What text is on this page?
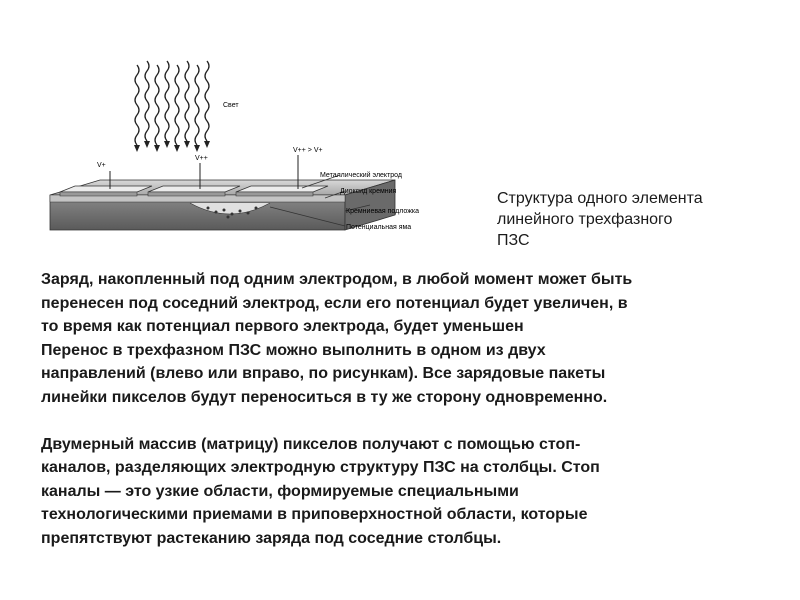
Свет
V+
V++
V++ > V+
Металлический электрод
Диоксид кремния
Кремниевая подложка
Потенциальная яма
Структура одного элемента
линейного трехфазного
ПЗС
Заряд, накопленный под одним электродом, в любой момент может быть
перенесен под соседний электрод, если его потенциал будет увеличен, в
то время как потенциал первого электрода, будет уменьшен
Перенос в трехфазном ПЗС можно выполнить в одном из двух
направлений (влево или вправо, по рисункам). Все зарядовые пакеты
линейки пикселов будут переноситься в ту же сторону одновременно.
Двумерный массив (матрицу) пикселов получают с помощью стоп-
каналов, разделяющих электродную структуру ПЗС на столбцы. Стоп
каналы — это узкие области, формируемые специальными
технологическими приемами в приповерхностной области, которые
препятствуют растеканию заряда под соседние столбцы.
